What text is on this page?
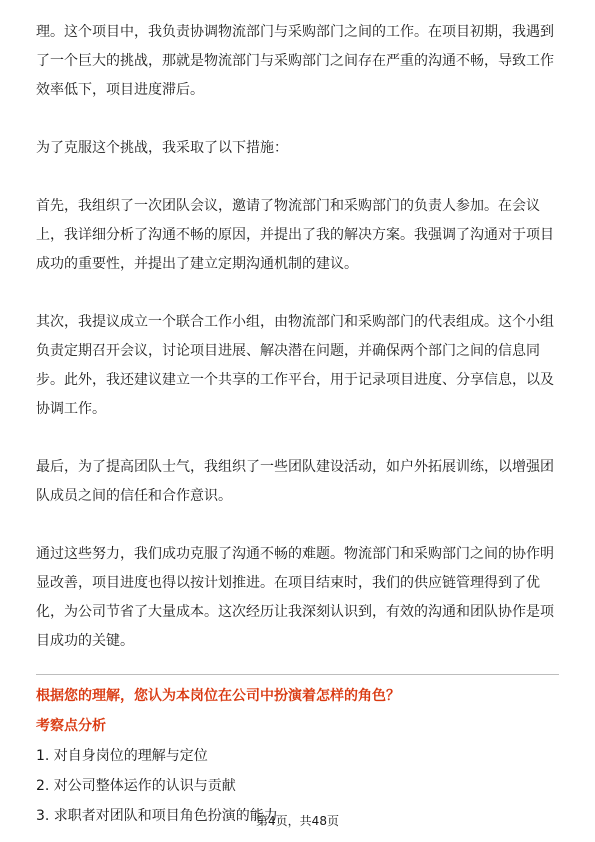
理。这个项目中，我负责协调物流部门与采购部门之间的工作。在项目初期，我遇到了一个巨大的挑战，那就是物流部门与采购部门之间存在严重的沟通不畅，导致工作效率低下，项目进度滞后。

为了克服这个挑战，我采取了以下措施：

首先，我组织了一次团队会议，邀请了物流部门和采购部门的负责人参加。在会议上，我详细分析了沟通不畅的原因，并提出了我的解决方案。我强调了沟通对于项目成功的重要性，并提出了建立定期沟通机制的建议。

其次，我提议成立一个联合工作小组，由物流部门和采购部门的代表组成。这个小组负责定期召开会议，讨论项目进展、解决潜在问题，并确保两个部门之间的信息同步。此外，我还建议建立一个共享的工作平台，用于记录项目进度、分享信息，以及协调工作。

最后，为了提高团队士气，我组织了一些团队建设活动，如户外拓展训练，以增强团队成员之间的信任和合作意识。

通过这些努力，我们成功克服了沟通不畅的难题。物流部门和采购部门之间的协作明显改善，项目进度也得以按计划推进。在项目结束时，我们的供应链管理得到了优化，为公司节省了大量成本。这次经历让我深刻认识到，有效的沟通和团队协作是项目成功的关键。

根据您的理解，您认为本岗位在公司中扮演着怎样的角色？

考察点分析

1. 对自身岗位的理解与定位
2. 对公司整体运作的认识与贡献
3. 求职者对团队和项目角色扮演的能力
第4页，共48页
